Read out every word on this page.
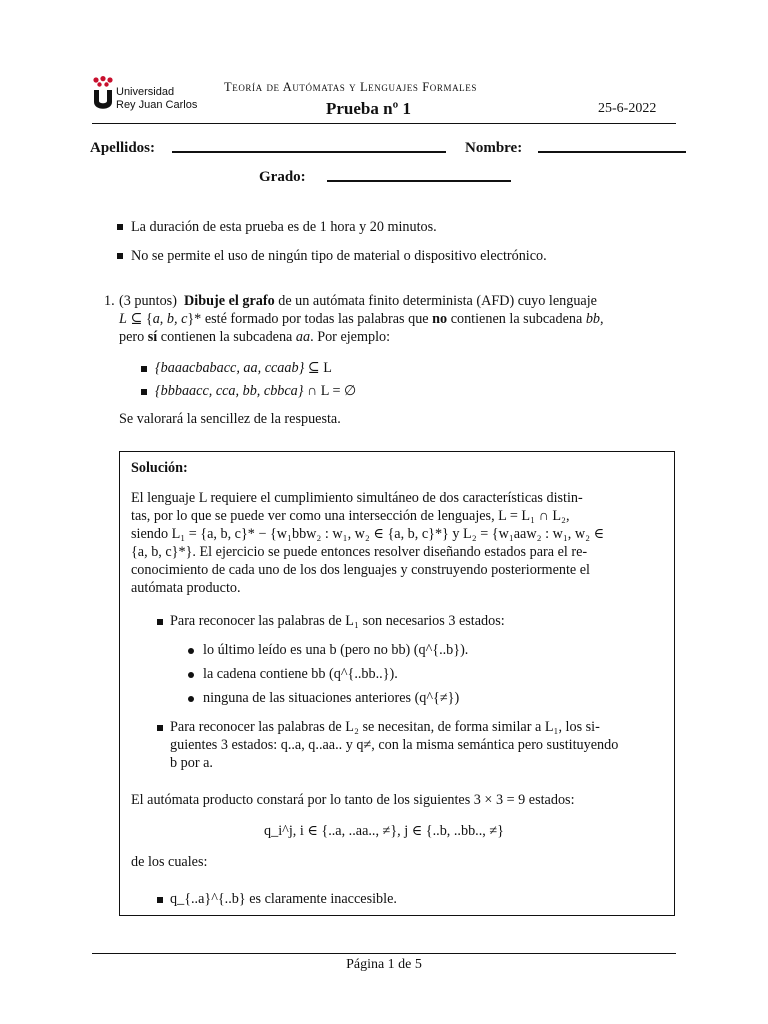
Universidad
Rey Juan Carlos
Teoría de Autómatas y Lenguajes Formales
Prueba nº 1	25-6-2022
Apellidos:	Nombre:
Grado:
La duración de esta prueba es de 1 hora y 20 minutos.
No se permite el uso de ningún tipo de material o dispositivo electrónico.
1. (3 puntos) Dibuje el grafo de un autómata finito determinista (AFD) cuyo lenguaje
L ⊆ {a, b, c}* esté formado por todas las palabras que no contienen la subcadena bb,
pero sí contienen la subcadena aa. Por ejemplo:
{baaacbabacc, aa, ccaab} ⊆ L
{bbbaacc, cca, bb, cbbca} ∩ L = ∅
Se valorará la sencillez de la respuesta.
Solución:
El lenguaje L requiere el cumplimiento simultáneo de dos características distin-
tas, por lo que se puede ver como una intersección de lenguajes, L = L₁ ∩ L₂,
siendo L₁ = {a, b, c}* − {w₁bbw₂ : w₁, w₂ ∈ {a, b, c}*} y L₂ = {w₁aaw₂ : w₁, w₂ ∈
{a, b, c}*}. El ejercicio se puede entonces resolver diseñando estados para el re-
conocimiento de cada uno de los dos lenguajes y construyendo posteriormente el
autómata producto.
Para reconocer las palabras de L₁ son necesarios 3 estados:
lo último leído es una b (pero no bb) (q^{..b}).
la cadena contiene bb (q^{..bb..}).
ninguna de las situaciones anteriores (q^{≠})
Para reconocer las palabras de L₂ se necesitan, de forma similar a L₁, los si-
guientes 3 estados: q..a, q..aa.. y q≠, con la misma semántica pero sustituyendo
b por a.
El autómata producto constará por lo tanto de los siguientes 3 × 3 = 9 estados:
q_i^j, i ∈ {..a, ..aa.., ≠}, j ∈ {..b, ..bb.., ≠}
de los cuales:
q_{..a}^{..b} es claramente inaccesible.
Página 1 de 5
